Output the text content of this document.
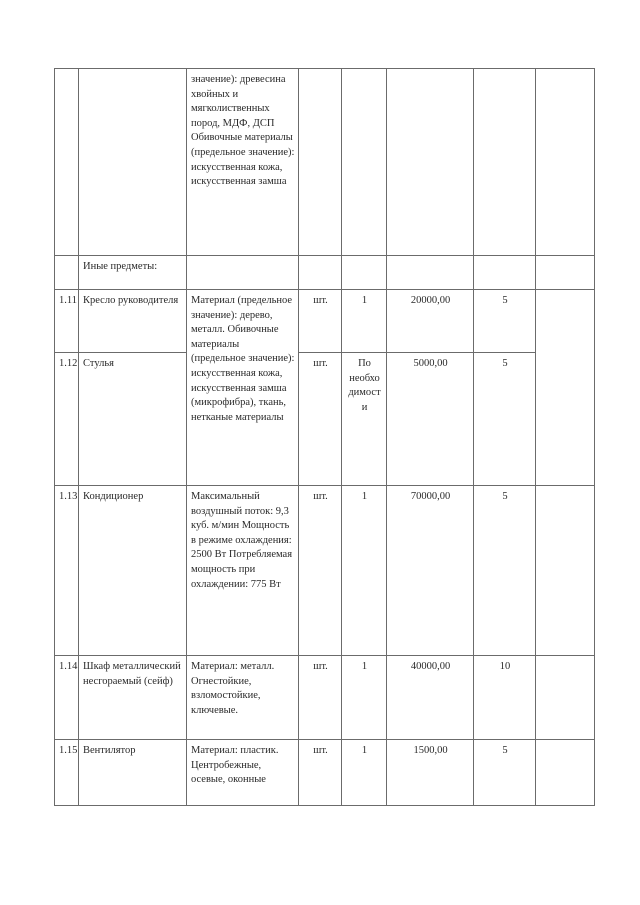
		значение): древесина хвойных и мягколиственных пород, МДФ, ДСП Обивочные материалы (предельное значение): искусственная кожа, искусственная замша					
	Иные предметы:						
1.11	Кресло руководителя	Материал (предельное значение): дерево, металл. Обивочные материалы (предельное значение): искусственная кожа, искусственная замша (микрофибра), ткань, нетканые материалы	шт.	1	20000,00	5	
1.12	Стулья		шт.	По необхо димост и	5000,00	5	
1.13	Кондиционер	Максимальный воздушный поток: 9,3 куб. м/мин Мощность в режиме охлаждения: 2500 Вт Потребляемая мощность при охлаждении: 775 Вт	шт.	1	70000,00	5	
1.14	Шкаф металлический несгораемый (сейф)	Материал: металл. Огнестойкие, взломостойкие, ключевые.	шт.	1	40000,00	10	
1.15	Вентилятор	Материал: пластик. Центробежные, осевые, оконные	шт.	1	1500,00	5	
